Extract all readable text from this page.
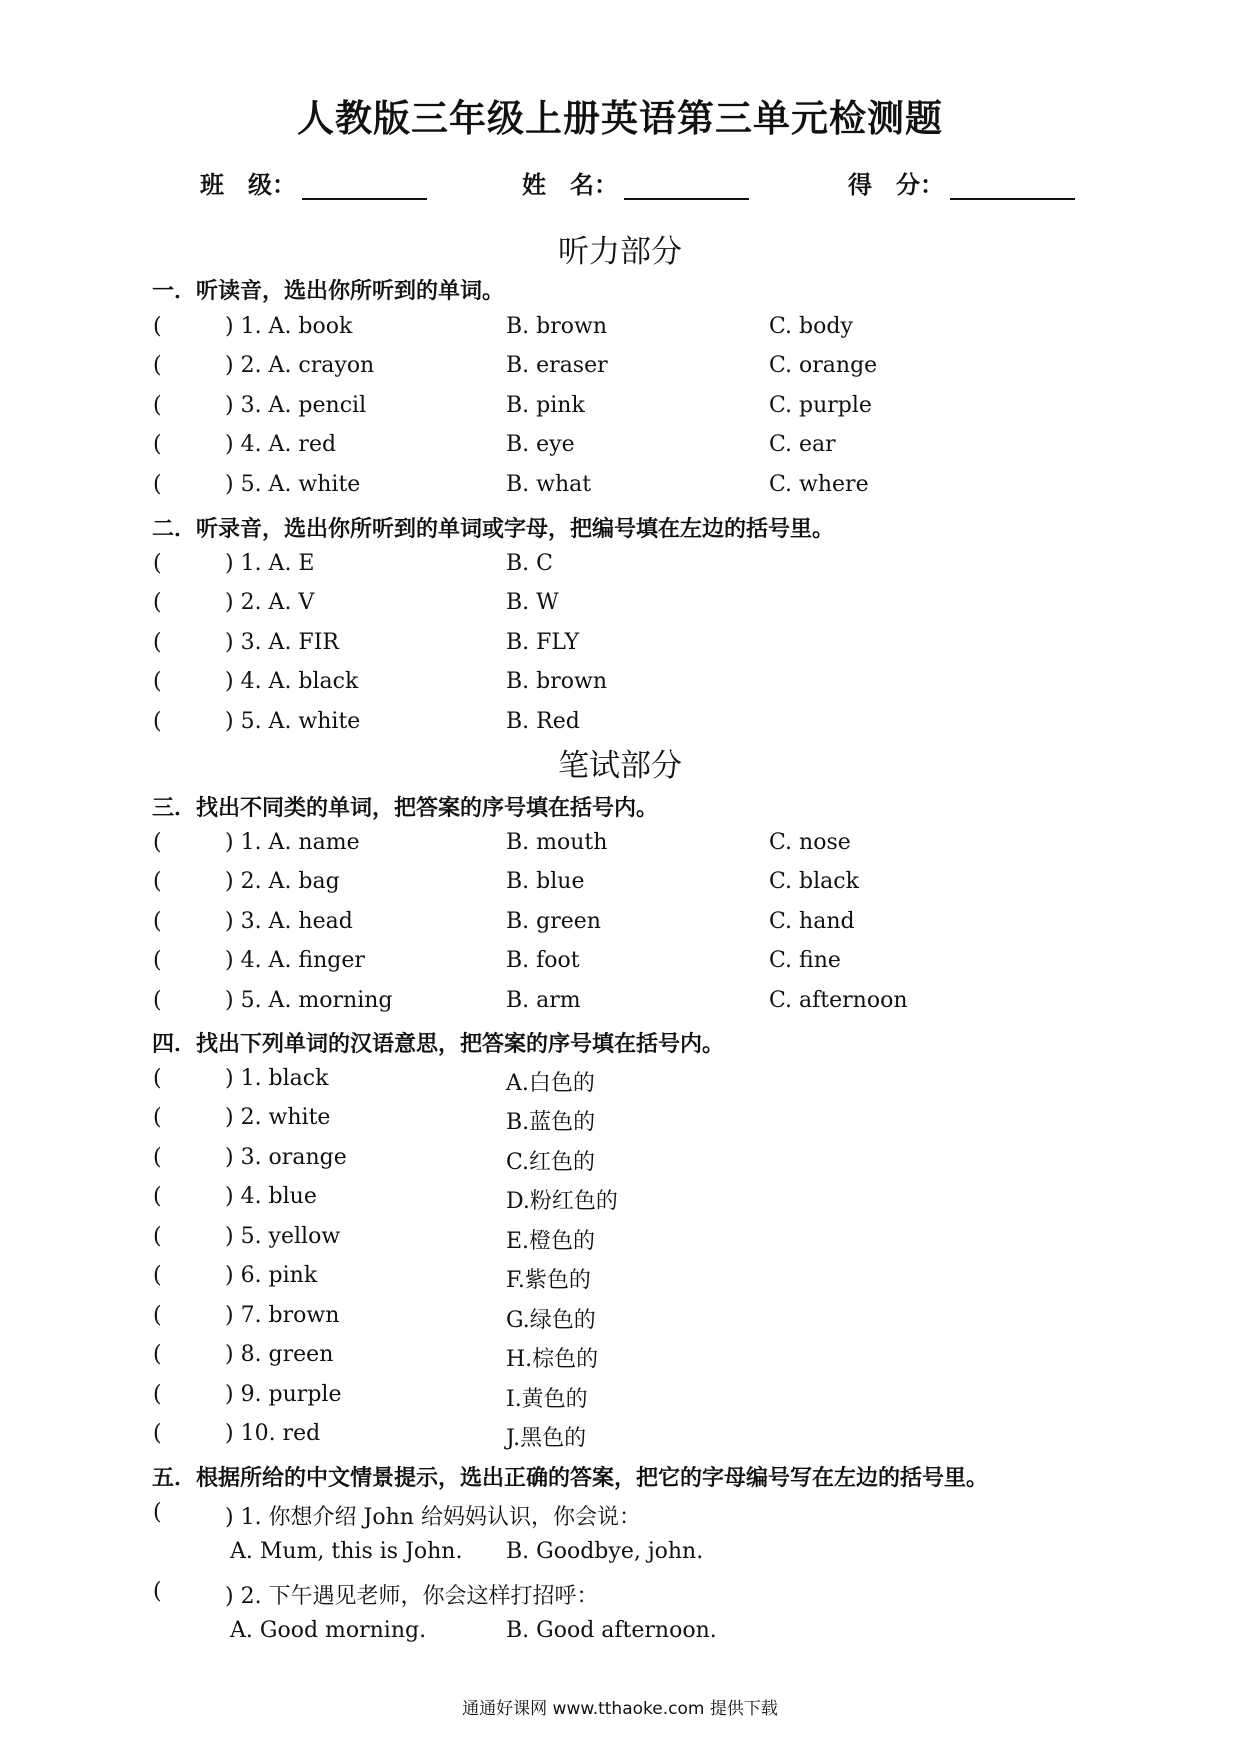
人教版三年级上册英语第三单元检测题
班　级：	姓　名：	得　分：
听力部分
一．听读音，选出你所听到的单词。
(	) 1. A. book	B. brown	C. body
(	) 2. A. crayon	B. eraser	C. orange
(	) 3. A. pencil	B. pink	C. purple
(	) 4. A. red	B. eye	C. ear
(	) 5. A. white	B. what	C. where
二．听录音，选出你所听到的单词或字母，把编号填在左边的括号里。
(	) 1. A. E	B. C
(	) 2. A. V	B. W
(	) 3. A. FIR	B. FLY
(	) 4. A. black	B. brown
(	) 5. A. white	B. Red
笔试部分
三．找出不同类的单词，把答案的序号填在括号内。
(	) 1. A. name	B. mouth	C. nose
(	) 2. A. bag	B. blue	C. black
(	) 3. A. head	B. green	C. hand
(	) 4. A. finger	B. foot	C. fine
(	) 5. A. morning	B. arm	C. afternoon
四．找出下列单词的汉语意思，把答案的序号填在括号内。
(	) 1. black	A.白色的
(	) 2. white	B.蓝色的
(	) 3. orange	C.红色的
(	) 4. blue	D.粉红色的
(	) 5. yellow	E.橙色的
(	) 6. pink	F.紫色的
(	) 7. brown	G.绿色的
(	) 8. green	H.棕色的
(	) 9. purple	I.黄色的
(	) 10. red	J.黑色的
五．根据所给的中文情景提示，选出正确的答案，把它的字母编号写在左边的括号里。
(	) 1. 你想介绍 John 给妈妈认识，你会说：
A. Mum, this is John. B. Goodbye, john.
(	) 2. 下午遇见老师，你会这样打招呼：
A. Good morning.	B. Good afternoon.
通通好课网 www.tthaoke.com 提供下载
